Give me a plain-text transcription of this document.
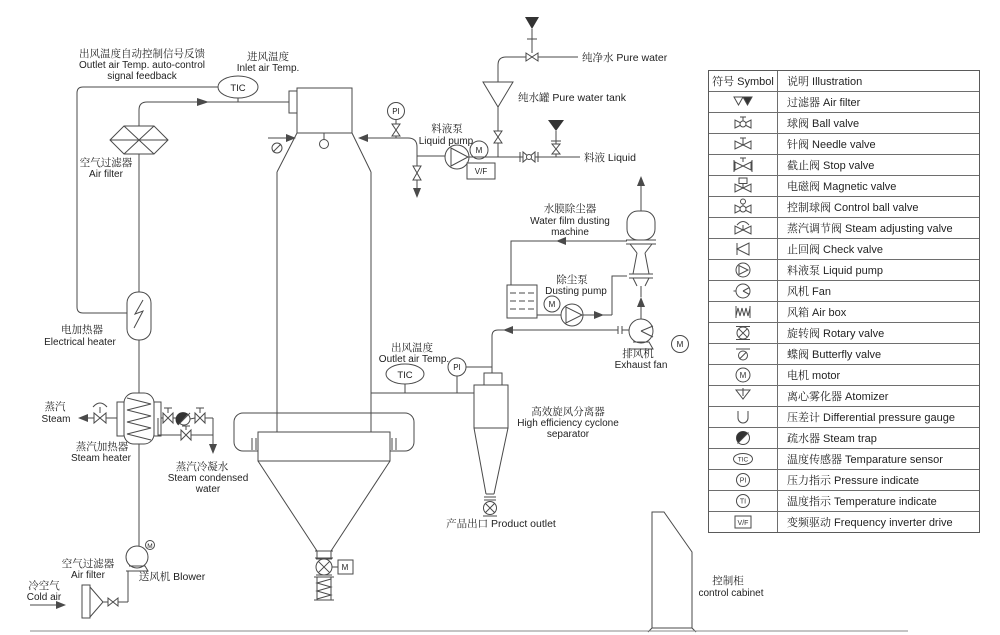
出风温度自动控制信号反馈
Outlet air Temp. auto-control
signal feedback
进风温度
Inlet air Temp.
空气过滤器
Air filter
电加热器
Electrical heater
蒸汽
Steam
蒸汽加热器
Steam heater
蒸汽冷凝水
Steam condensed
water
空气过滤器
Air filter
冷空气
Cold air
送风机 Blower
纯净水 Pure water
纯水罐 Pure water tank
料液泵
Liquid pump
料液 Liquid
水膜除尘器
Water film dusting
machine
除尘泵
Dusting pump
排风机
Exhaust fan
出风温度
Outlet air Temp.
高效旋风分离器
High efficiency cyclone
separator
产品出口 Product outlet
控制柜
control cabinet
TIC
TIC
PI
PI
M
M
M
M
M
V/F
符号 Symbol	说明 Illustration
过滤器 Air filter
球阀 Ball valve
针阀 Needle valve
截止阀 Stop valve
电磁阀 Magnetic valve
控制球阀 Control ball valve
蒸汽调节阀 Steam adjusting valve
止回阀 Check valve
料液泵 Liquid pump
风机 Fan
风箱 Air box
旋转阀 Rotary valve
蝶阀 Butterfly valve
M	电机 motor
离心雾化器 Atomizer
压差计 Differential pressure gauge
疏水器 Steam trap
TIC	温度传感器 Temparature sensor
PI	压力指示 Pressure indicate
TI	温度指示 Temperature indicate
V/F	变频驱动 Frequency inverter drive
